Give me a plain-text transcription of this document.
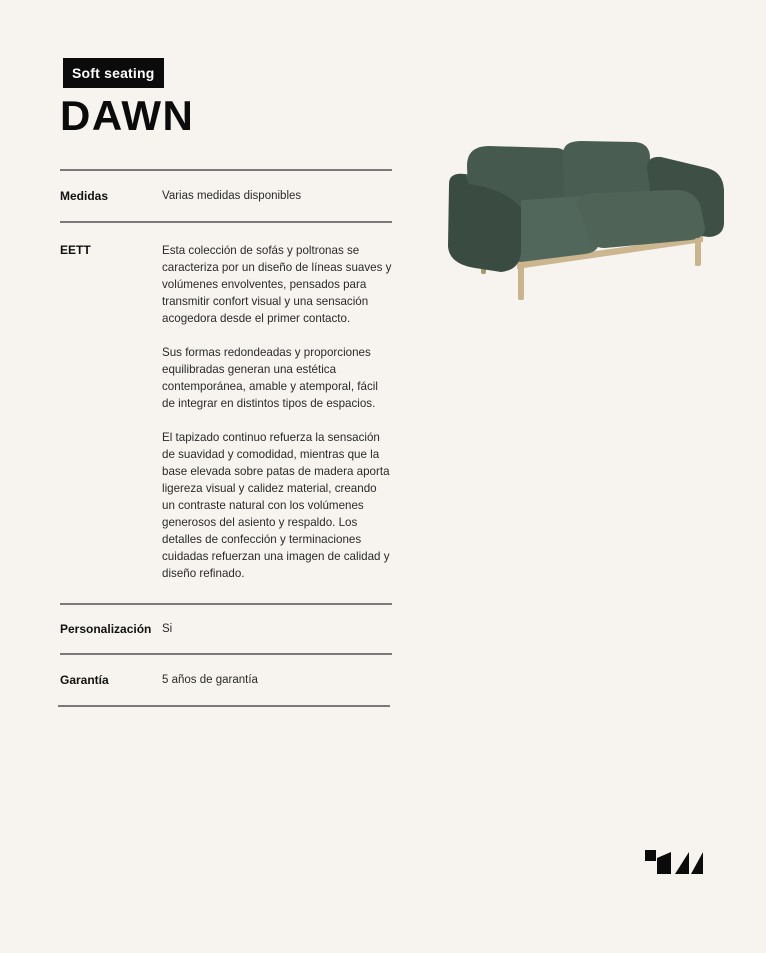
Soft seating
DAWN
Medidas	Varias medidas disponibles
EETT	Esta colección de sofás y poltronas se caracteriza por un diseño de líneas suaves y volúmenes envolventes, pensados para transmitir confort visual y una sensación acogedora desde el primer contacto.

Sus formas redondeadas y proporciones equilibradas generan una estética contemporánea, amable y atemporal, fácil de integrar en distintos tipos de espacios.

El tapizado continuo refuerza la sensación de suavidad y comodidad, mientras que la base elevada sobre patas de madera aporta ligereza visual y calidez material, creando un contraste natural con los volúmenes generosos del asiento y respaldo. Los detalles de confección y terminaciones cuidadas refuerzan una imagen de calidad y diseño refinado.

Personalización Si
Garantía	5 años de garantía
